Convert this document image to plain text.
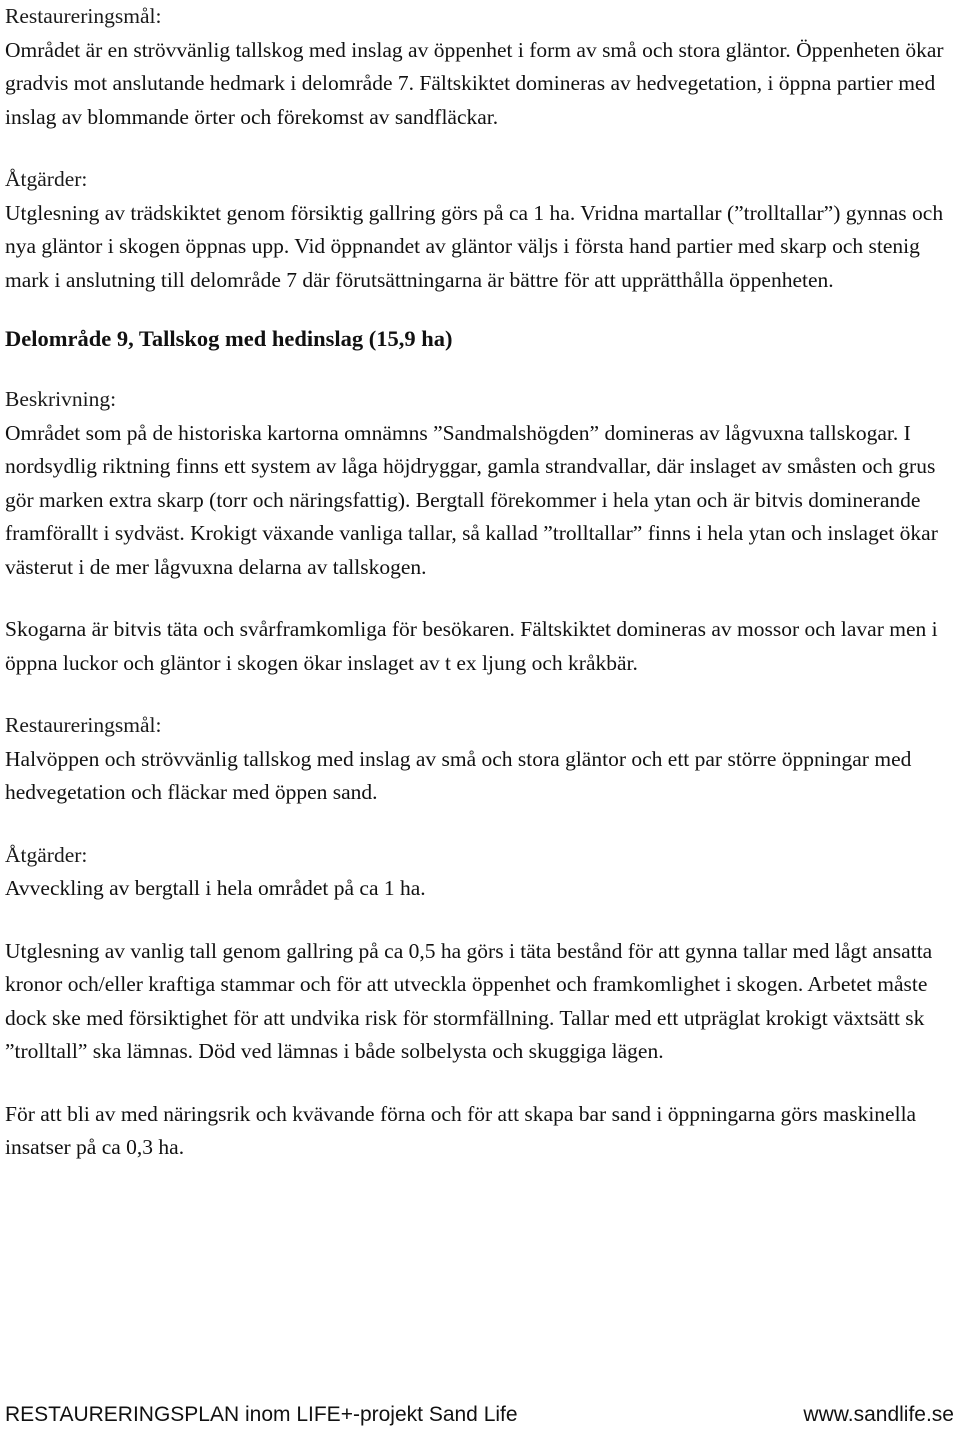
Restaureringsmål:

Området är en strövvänlig tallskog med inslag av öppenhet i form av små och stora gläntor. Öppenheten ökar gradvis mot anslutande hedmark i delområde 7. Fältskiktet domineras av hedvegetation, i öppna partier med inslag av blommande örter och förekomst av sandfläckar.

Åtgärder:

Utglesning av trädskiktet genom försiktig gallring görs på ca 1 ha. Vridna martallar (”trolltallar”) gynnas och nya gläntor i skogen öppnas upp. Vid öppnandet av gläntor väljs i första hand partier med skarp och stenig mark i anslutning till delområde 7 där förutsättningarna är bättre för att upprätthålla öppenheten.

Delområde 9, Tallskog med hedinslag (15,9 ha)
Beskrivning:

Området som på de historiska kartorna omnämns ”Sandmalshögden” domineras av lågvuxna tallskogar. I nordsydlig riktning finns ett system av låga höjdryggar, gamla strandvallar, där inslaget av småsten och grus gör marken extra skarp (torr och näringsfattig). Bergtall förekommer i hela ytan och är bitvis dominerande framförallt i sydväst. Krokigt växande vanliga tallar, så kallad ”trolltallar” finns i hela ytan och inslaget ökar västerut i de mer lågvuxna delarna av tallskogen.

Skogarna är bitvis täta och svårframkomliga för besökaren. Fältskiktet domineras av mossor och lavar men i öppna luckor och gläntor i skogen ökar inslaget av t ex ljung och kråkbär.

Restaureringsmål:

Halvöppen och strövvänlig tallskog med inslag av små och stora gläntor och ett par större öppningar med hedvegetation och fläckar med öppen sand.

Åtgärder:

Avveckling av bergtall i hela området på ca 1 ha.

Utglesning av vanlig tall genom gallring på ca 0,5 ha görs i täta bestånd för att gynna tallar med lågt ansatta kronor och/eller kraftiga stammar och för att utveckla öppenhet och framkomlighet i skogen. Arbetet måste dock ske med försiktighet för att undvika risk för stormfällning. Tallar med ett utpräglat krokigt växtsätt sk ”trolltall” ska lämnas. Död ved lämnas i både solbelysta och skuggiga lägen.

För att bli av med näringsrik och kvävande förna och för att skapa bar sand i öppningarna görs maskinella insatser på ca 0,3 ha.

RESTAURERINGSPLAN inom LIFE+-projekt Sand Life	www.sandlife.se
